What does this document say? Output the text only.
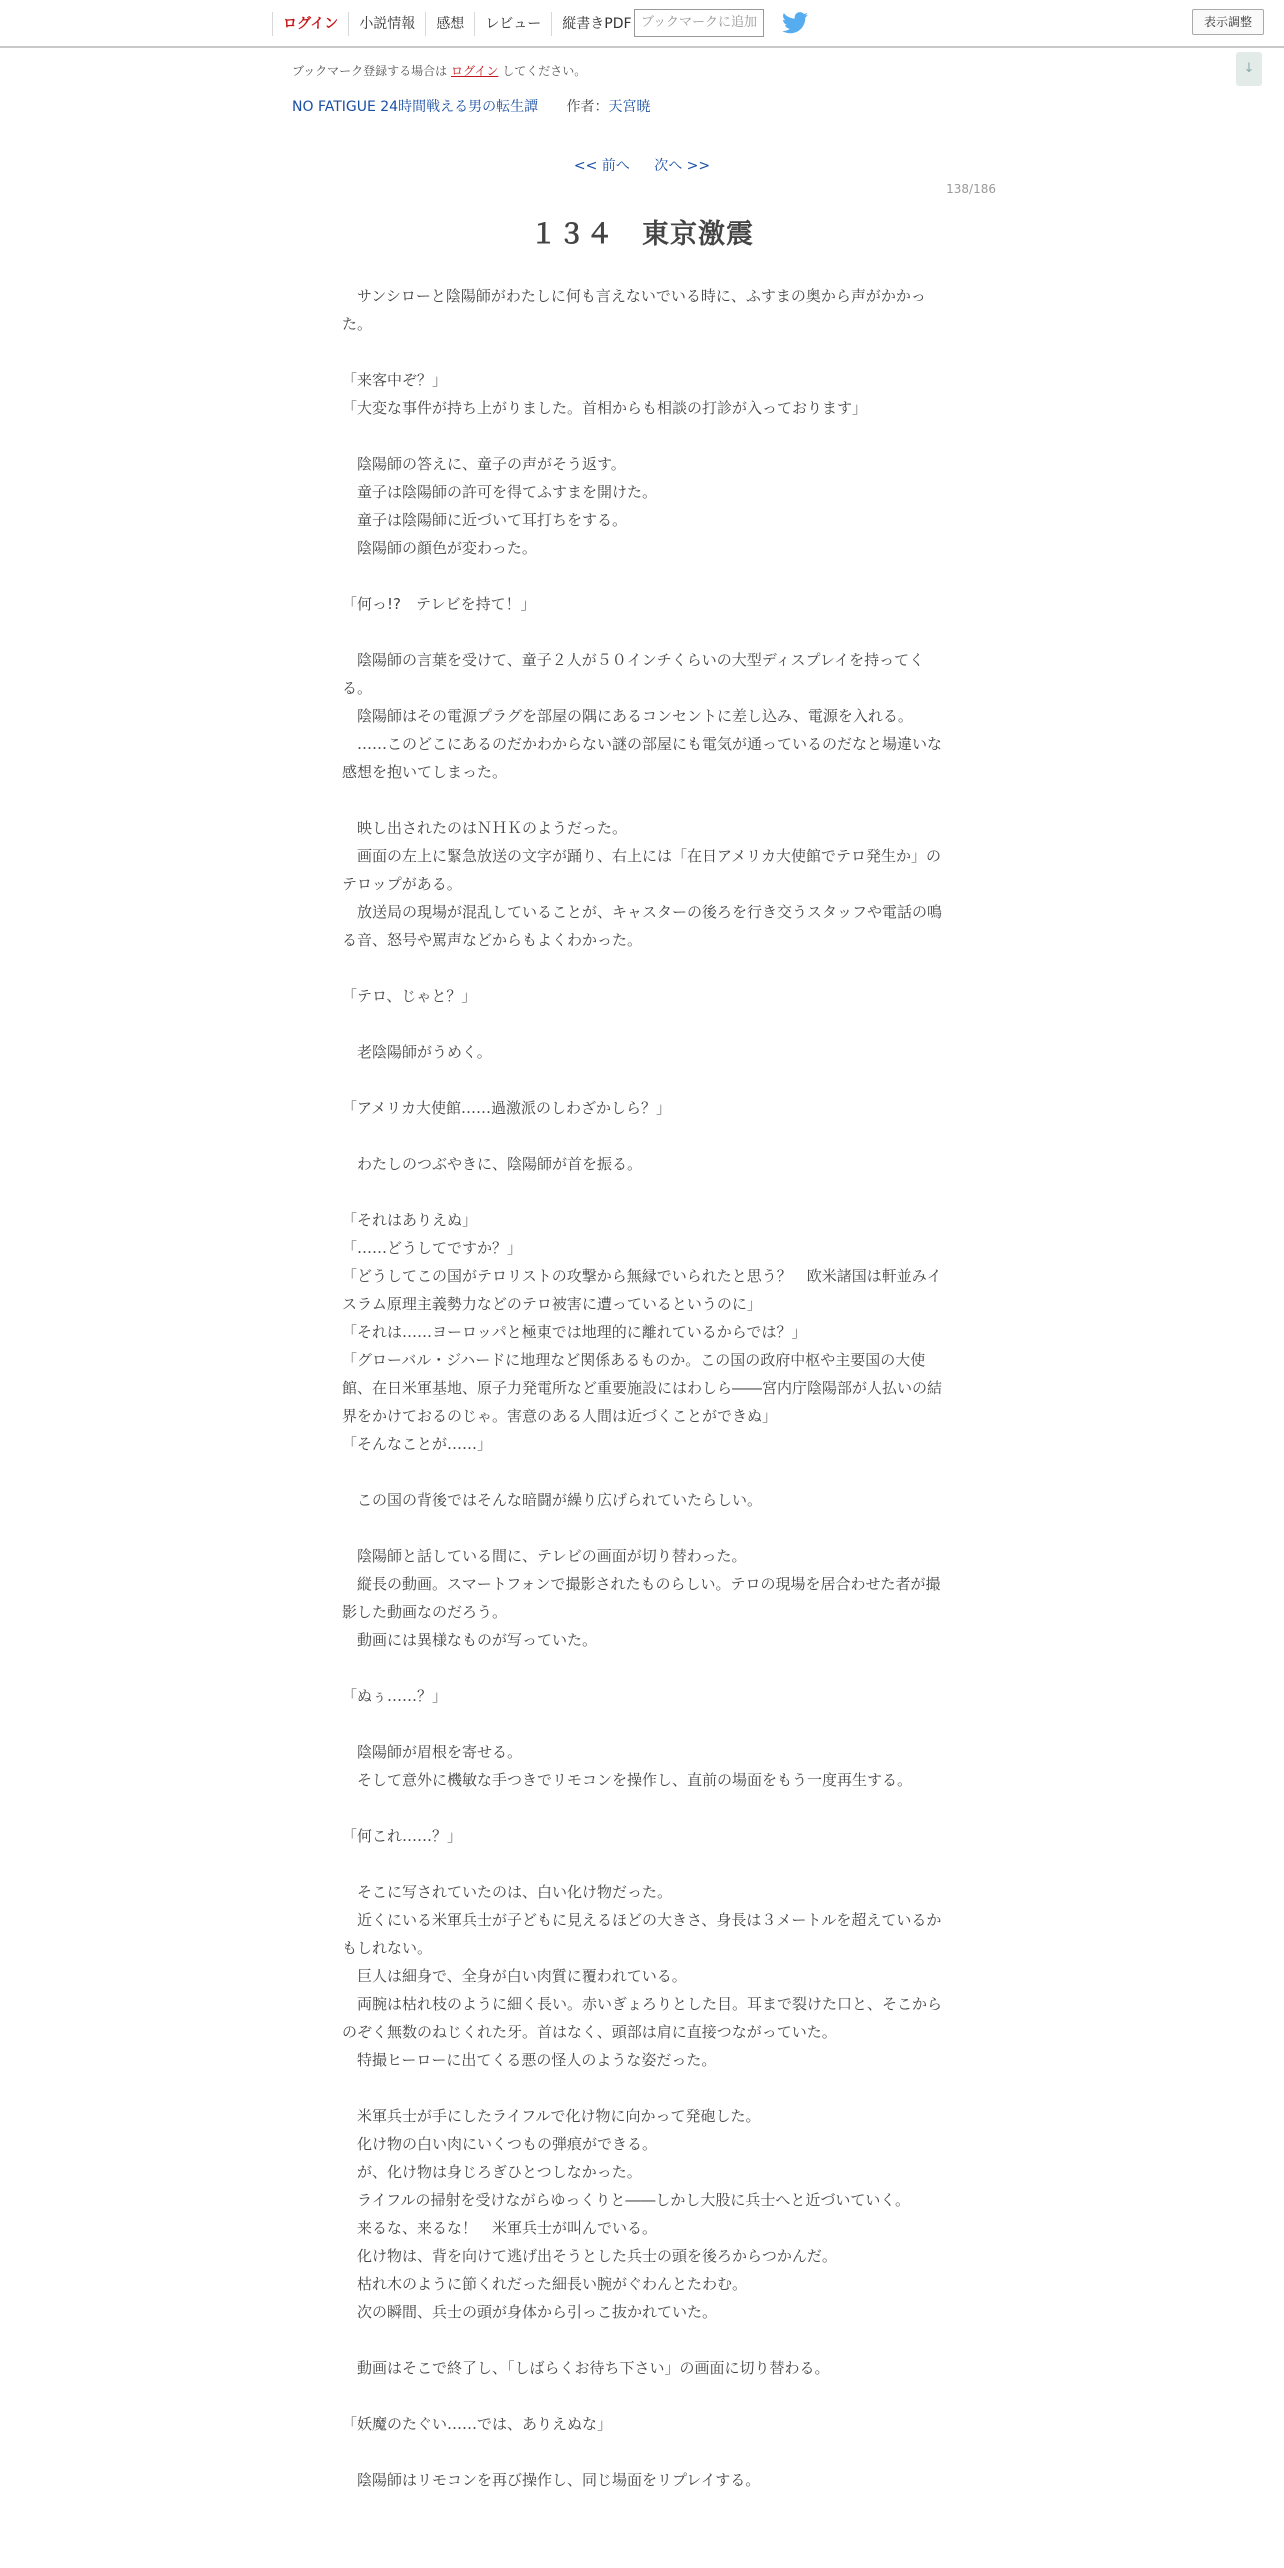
ログイン	小説情報	感想	レビュー	縦書きPDF ブックマークに追加	表示調整
↓
ブックマーク登録する場合は ログイン してください。
NO FATIGUE 24時間戦える男の転生譚 作者：天宮暁
<< 前へ 次へ >>
138/186
１３４　東京激震

　サンシローと陰陽師がわたしに何も言えないでいる時に、ふすまの奥から声がかかった。

「来客中ぞ？」

「大変な事件が持ち上がりました。首相からも相談の打診が入っております」

　陰陽師の答えに、童子の声がそう返す。

　童子は陰陽師の許可を得てふすまを開けた。

　童子は陰陽師に近づいて耳打ちをする。

　陰陽師の顔色が変わった。

「何っ!?　テレビを持て！」

　陰陽師の言葉を受けて、童子２人が５０インチくらいの大型ディスプレイを持ってくる。

　陰陽師はその電源プラグを部屋の隅にあるコンセントに差し込み、電源を入れる。

　……このどこにあるのだかわからない謎の部屋にも電気が通っているのだなと場違いな感想を抱いてしまった。

　映し出されたのはＮＨＫのようだった。

　画面の左上に緊急放送の文字が踊り、右上には「在日アメリカ大使館でテロ発生か」のテロップがある。

　放送局の現場が混乱していることが、キャスターの後ろを行き交うスタッフや電話の鳴る音、怒号や罵声などからもよくわかった。

「テロ、じゃと？」

　老陰陽師がうめく。

「アメリカ大使館……過激派のしわざかしら？」

　わたしのつぶやきに、陰陽師が首を振る。

「それはありえぬ」

「……どうしてですか？」

「どうしてこの国がテロリストの攻撃から無縁でいられたと思う？　欧米諸国は軒並みイスラム原理主義勢力などのテロ被害に遭っているというのに」

「それは……ヨーロッパと極東では地理的に離れているからでは？」

「グローバル・ジハードに地理など関係あるものか。この国の政府中枢や主要国の大使館、在日米軍基地、原子力発電所など重要施設にはわしら――宮内庁陰陽部が人払いの結界をかけておるのじゃ。害意のある人間は近づくことができぬ」

「そんなことが……」

　この国の背後ではそんな暗闘が繰り広げられていたらしい。

　陰陽師と話している間に、テレビの画面が切り替わった。

　縦長の動画。スマートフォンで撮影されたものらしい。テロの現場を居合わせた者が撮影した動画なのだろう。

　動画には異様なものが写っていた。

「ぬぅ……？」

　陰陽師が眉根を寄せる。

　そして意外に機敏な手つきでリモコンを操作し、直前の場面をもう一度再生する。

「何これ……？」

　そこに写されていたのは、白い化け物だった。

　近くにいる米軍兵士が子どもに見えるほどの大きさ、身長は３メートルを超えているかもしれない。

　巨人は細身で、全身が白い肉質に覆われている。

　両腕は枯れ枝のように細く長い。赤いぎょろりとした目。耳まで裂けた口と、そこからのぞく無数のねじくれた牙。首はなく、頭部は肩に直接つながっていた。

　特撮ヒーローに出てくる悪の怪人のような姿だった。

　米軍兵士が手にしたライフルで化け物に向かって発砲した。

　化け物の白い肉にいくつもの弾痕ができる。

　が、化け物は身じろぎひとつしなかった。

　ライフルの掃射を受けながらゆっくりと――しかし大股に兵士へと近づいていく。

　来るな、来るな！　米軍兵士が叫んでいる。

　化け物は、背を向けて逃げ出そうとした兵士の頭を後ろからつかんだ。

　枯れ木のように節くれだった細長い腕がぐわんとたわむ。

　次の瞬間、兵士の頭が身体から引っこ抜かれていた。

　動画はそこで終了し、「しばらくお待ち下さい」の画面に切り替わる。

「妖魔のたぐい……では、ありえぬな」

　陰陽師はリモコンを再び操作し、同じ場面をリプレイする。
